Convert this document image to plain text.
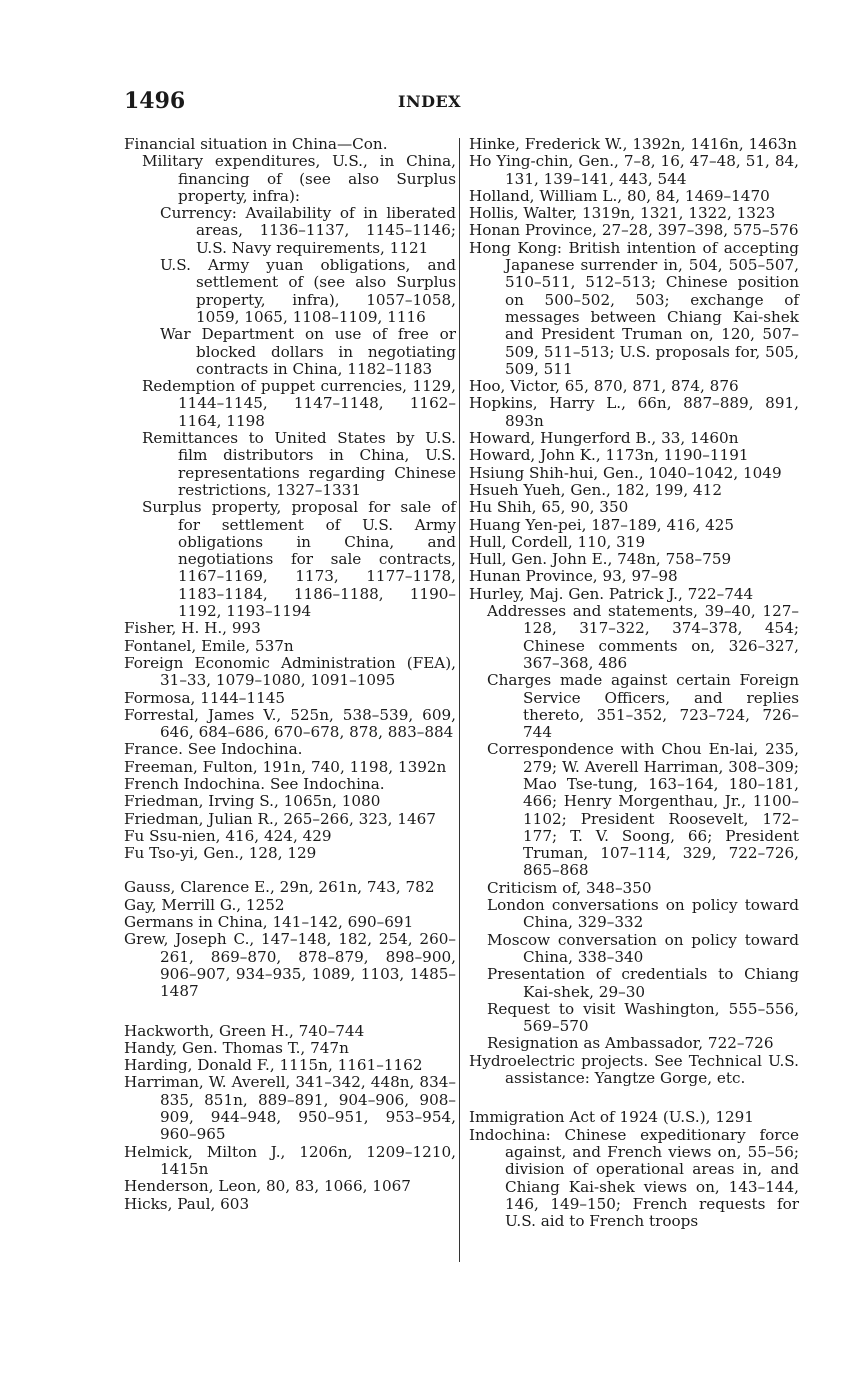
1496	INDEX
Financial situation in China—Con.
Military expenditures, U.S., in China, financing of (see also Surplus property, infra):
Currency: Availability of in liberated areas, 1136–1137, 1145–1146; U.S. Navy requirements, 1121
U.S. Army yuan obligations, and settlement of (see also Surplus property, infra), 1057–1058, 1059, 1065, 1108–1109, 1116
War Department on use of free or blocked dollars in negotiating contracts in China, 1182–1183
Redemption of puppet currencies, 1129, 1144–1145, 1147–1148, 1162–1164, 1198
Remittances to United States by U.S. film distributors in China, U.S. representations regarding Chinese restrictions, 1327–1331
Surplus property, proposal for sale of for settlement of U.S. Army obligations in China, and negotiations for sale contracts, 1167–1169, 1173, 1177–1178, 1183–1184, 1186–1188, 1190–1192, 1193–1194
Fisher, H. H., 993
Fontanel, Emile, 537n
Foreign Economic Administration (FEA), 31–33, 1079–1080, 1091–1095
Formosa, 1144–1145
Forrestal, James V., 525n, 538–539, 609, 646, 684–686, 670–678, 878, 883–884
France. See Indochina.
Freeman, Fulton, 191n, 740, 1198, 1392n
French Indochina. See Indochina.
Friedman, Irving S., 1065n, 1080
Friedman, Julian R., 265–266, 323, 1467
Fu Ssu-nien, 416, 424, 429
Fu Tso-yi, Gen., 128, 129
Gauss, Clarence E., 29n, 261n, 743, 782
Gay, Merrill G., 1252
Germans in China, 141–142, 690–691
Grew, Joseph C., 147–148, 182, 254, 260–261, 869–870, 878–879, 898–900, 906–907, 934–935, 1089, 1103, 1485–1487
Hackworth, Green H., 740–744
Handy, Gen. Thomas T., 747n
Harding, Donald F., 1115n, 1161–1162
Harriman, W. Averell, 341–342, 448n, 834–835, 851n, 889–891, 904–906, 908–909, 944–948, 950–951, 953–954, 960–965
Helmick, Milton J., 1206n, 1209–1210, 1415n
Henderson, Leon, 80, 83, 1066, 1067
Hicks, Paul, 603
Hinke, Frederick W., 1392n, 1416n, 1463n
Ho Ying-chin, Gen., 7–8, 16, 47–48, 51, 84, 131, 139–141, 443, 544
Holland, William L., 80, 84, 1469–1470
Hollis, Walter, 1319n, 1321, 1322, 1323
Honan Province, 27–28, 397–398, 575–576
Hong Kong: British intention of accepting Japanese surrender in, 504, 505–507, 510–511, 512–513; Chinese position on 500–502, 503; exchange of messages between Chiang Kai-shek and President Truman on, 120, 507–509, 511–513; U.S. proposals for, 505, 509, 511
Hoo, Victor, 65, 870, 871, 874, 876
Hopkins, Harry L., 66n, 887–889, 891, 893n
Howard, Hungerford B., 33, 1460n
Howard, John K., 1173n, 1190–1191
Hsiung Shih-hui, Gen., 1040–1042, 1049
Hsueh Yueh, Gen., 182, 199, 412
Hu Shih, 65, 90, 350
Huang Yen-pei, 187–189, 416, 425
Hull, Cordell, 110, 319
Hull, Gen. John E., 748n, 758–759
Hunan Province, 93, 97–98
Hurley, Maj. Gen. Patrick J., 722–744
Addresses and statements, 39–40, 127–128, 317–322, 374–378, 454; Chinese comments on, 326–327, 367–368, 486
Charges made against certain Foreign Service Officers, and replies thereto, 351–352, 723–724, 726–744
Correspondence with Chou En-lai, 235, 279; W. Averell Harriman, 308–309; Mao Tse-tung, 163–164, 180–181, 466; Henry Morgenthau, Jr., 1100–1102; President Roosevelt, 172–177; T. V. Soong, 66; President Truman, 107–114, 329, 722–726, 865–868
Criticism of, 348–350
London conversations on policy toward China, 329–332
Moscow conversation on policy toward China, 338–340
Presentation of credentials to Chiang Kai-shek, 29–30
Request to visit Washington, 555–556, 569–570
Resignation as Ambassador, 722–726
Hydroelectric projects. See Technical U.S. assistance: Yangtze Gorge, etc.
Immigration Act of 1924 (U.S.), 1291
Indochina: Chinese expeditionary force against, and French views on, 55–56; division of operational areas in, and Chiang Kai-shek views on, 143–144, 146, 149–150; French requests for U.S. aid to French troops
